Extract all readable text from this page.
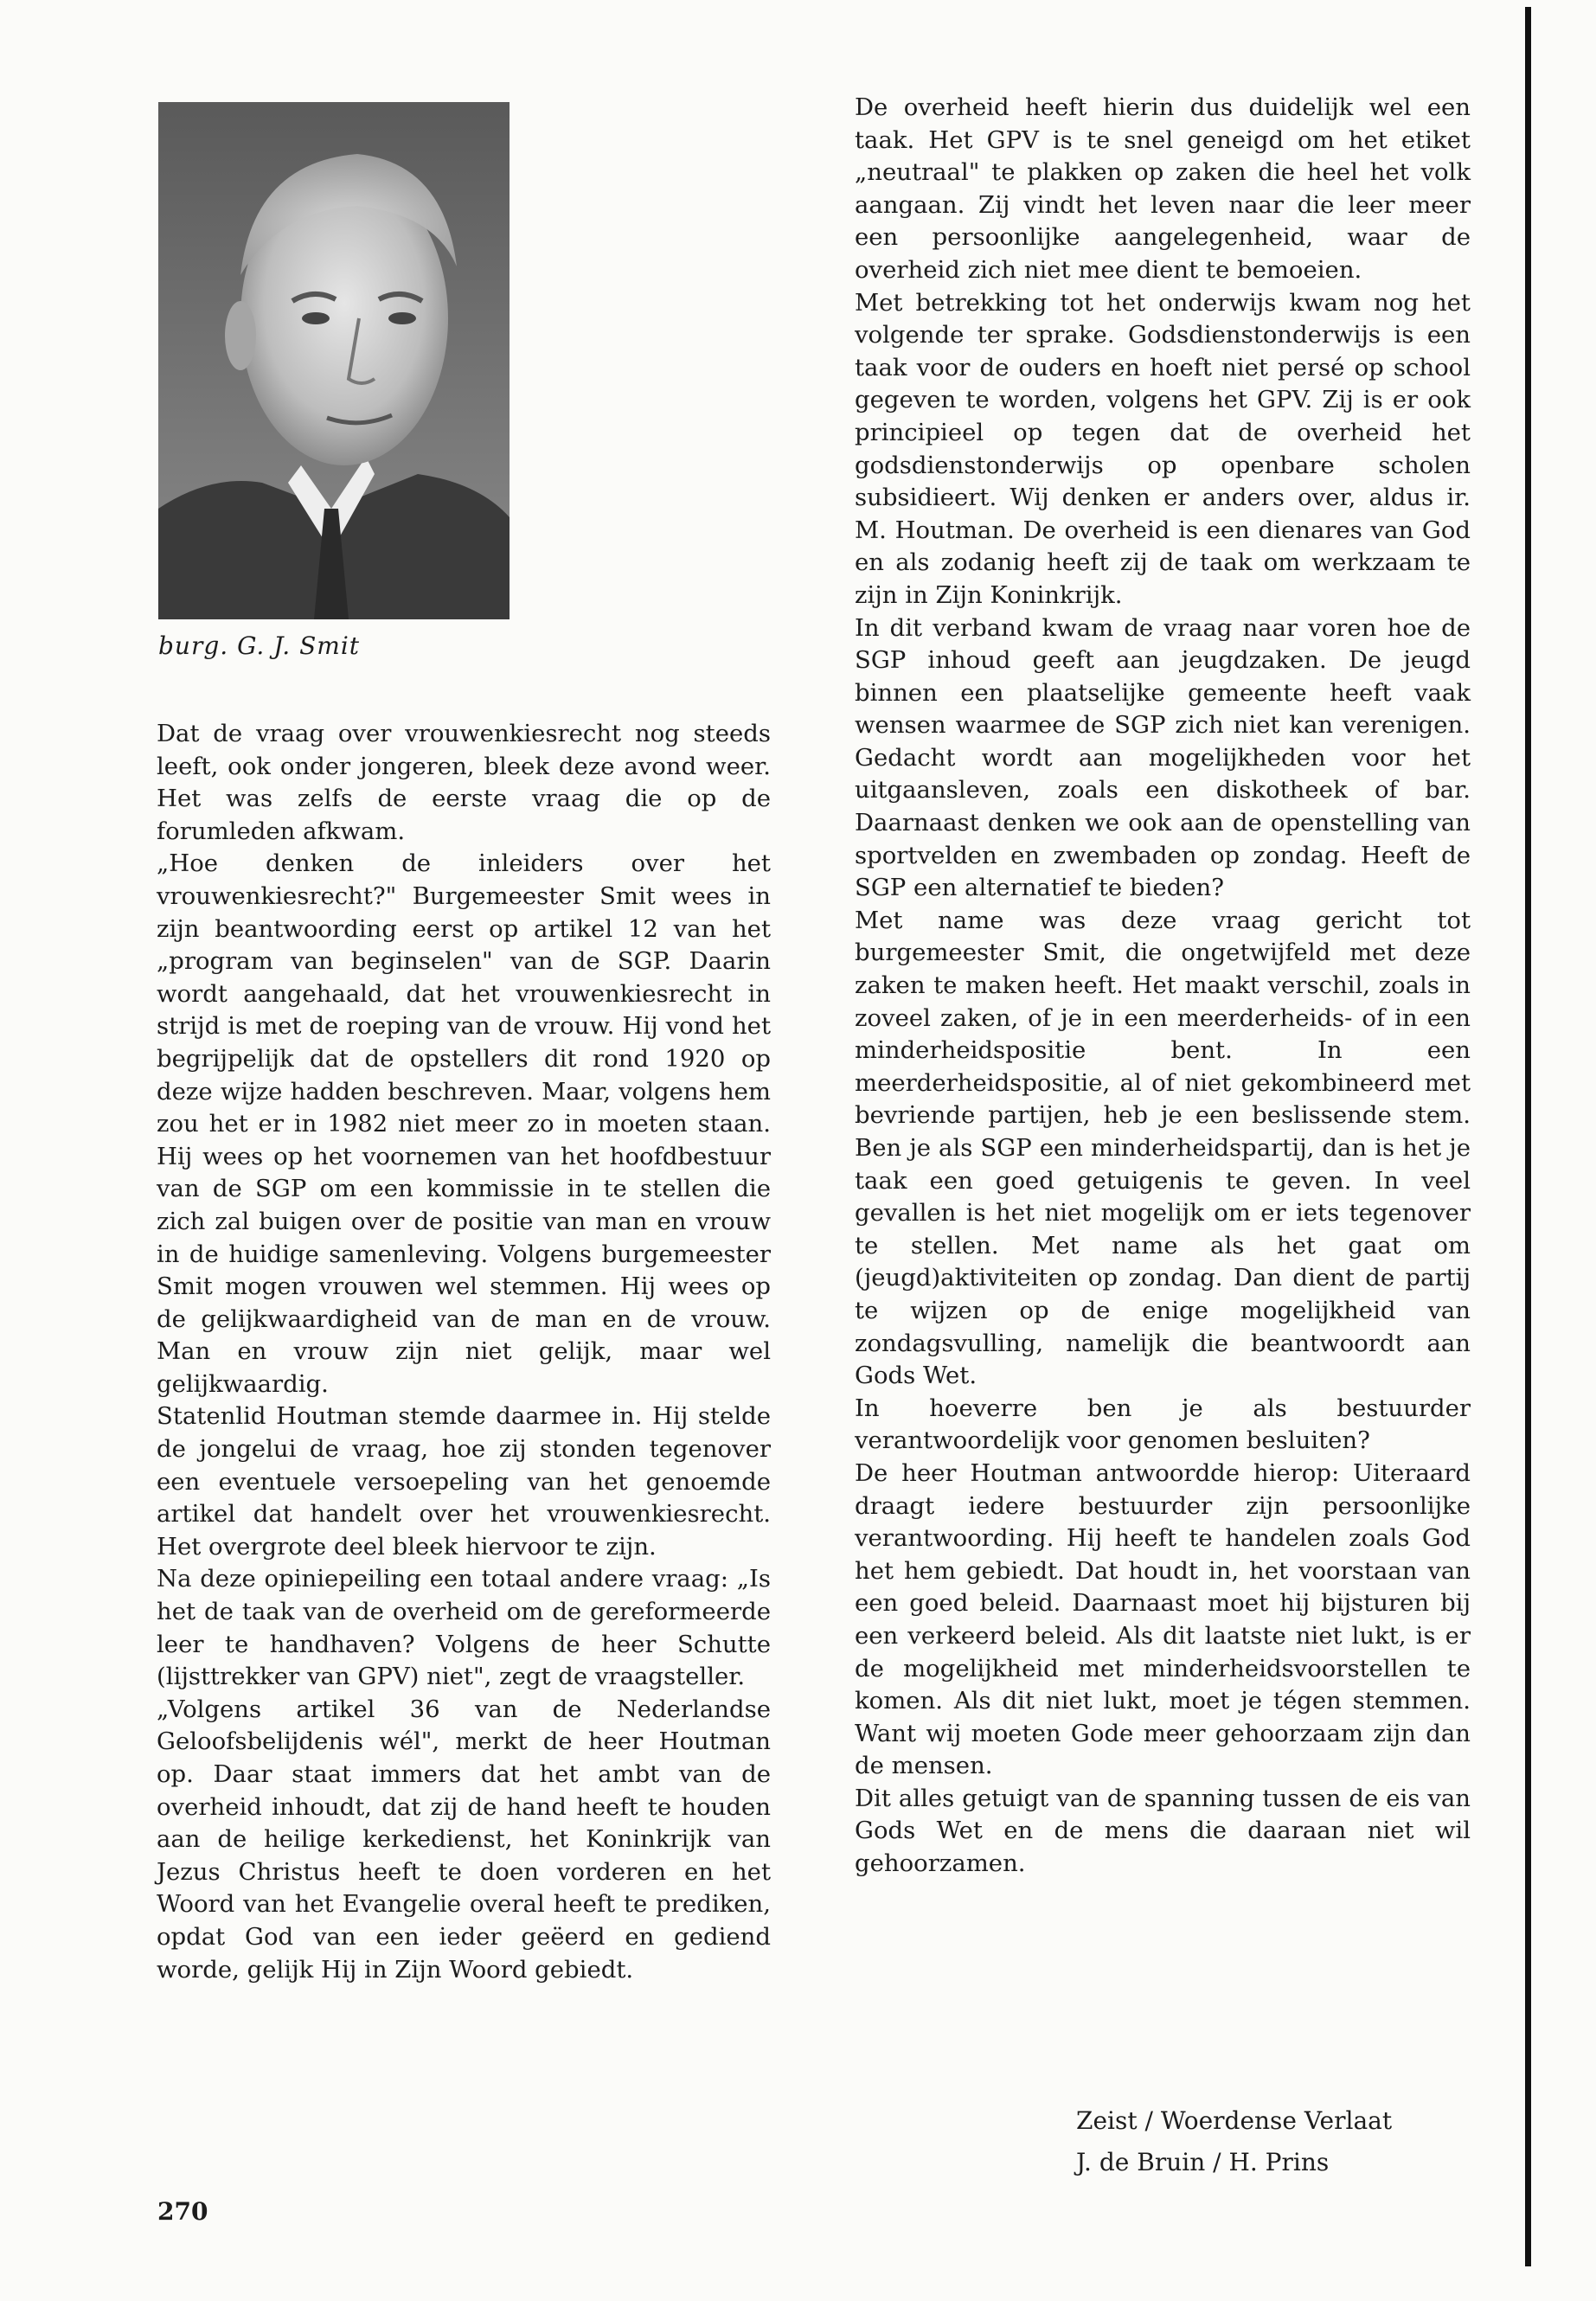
burg. G. J. Smit

Dat de vraag over vrouwenkiesrecht nog steeds leeft, ook onder jongeren, bleek deze avond weer. Het was zelfs de eerste vraag die op de forumleden afkwam.

„Hoe denken de inleiders over het vrouwenkiesrecht?" Burgemeester Smit wees in zijn beantwoording eerst op artikel 12 van het „program van beginselen" van de SGP. Daarin wordt aangehaald, dat het vrouwenkiesrecht in strijd is met de roeping van de vrouw. Hij vond het begrijpelijk dat de opstellers dit rond 1920 op deze wijze hadden beschreven. Maar, volgens hem zou het er in 1982 niet meer zo in moeten staan. Hij wees op het voornemen van het hoofdbestuur van de SGP om een kommissie in te stellen die zich zal buigen over de positie van man en vrouw in de huidige samenleving. Volgens burgemeester Smit mogen vrouwen wel stemmen. Hij wees op de gelijkwaardigheid van de man en de vrouw. Man en vrouw zijn niet gelijk, maar wel gelijkwaardig.

Statenlid Houtman stemde daarmee in. Hij stelde de jongelui de vraag, hoe zij stonden tegenover een eventuele versoepeling van het genoemde artikel dat handelt over het vrouwenkiesrecht. Het overgrote deel bleek hiervoor te zijn.

Na deze opiniepeiling een totaal andere vraag: „Is het de taak van de overheid om de gereformeerde leer te handhaven? Volgens de heer Schutte (lijsttrekker van GPV) niet", zegt de vraagsteller.

„Volgens artikel 36 van de Nederlandse Geloofsbelijdenis wél", merkt de heer Houtman op. Daar staat immers dat het ambt van de overheid inhoudt, dat zij de hand heeft te houden aan de heilige kerkedienst, het Koninkrijk van Jezus Christus heeft te doen vorderen en het Woord van het Evangelie overal heeft te prediken, opdat God van een ieder geëerd en gediend worde, gelijk Hij in Zijn Woord gebiedt.

De overheid heeft hierin dus duidelijk wel een taak. Het GPV is te snel geneigd om het etiket „neutraal" te plakken op zaken die heel het volk aangaan. Zij vindt het leven naar die leer meer een persoonlijke aangelegenheid, waar de overheid zich niet mee dient te bemoeien.

Met betrekking tot het onderwijs kwam nog het volgende ter sprake. Godsdienstonderwijs is een taak voor de ouders en hoeft niet persé op school gegeven te worden, volgens het GPV. Zij is er ook principieel op tegen dat de overheid het godsdienstonderwijs op openbare scholen subsidieert. Wij denken er anders over, aldus ir. M. Houtman. De overheid is een dienares van God en als zodanig heeft zij de taak om werkzaam te zijn in Zijn Koninkrijk.

In dit verband kwam de vraag naar voren hoe de SGP inhoud geeft aan jeugdzaken. De jeugd binnen een plaatselijke gemeente heeft vaak wensen waarmee de SGP zich niet kan verenigen. Gedacht wordt aan mogelijkheden voor het uitgaansleven, zoals een diskotheek of bar. Daarnaast denken we ook aan de openstelling van sportvelden en zwembaden op zondag. Heeft de SGP een alternatief te bieden?

Met name was deze vraag gericht tot burgemeester Smit, die ongetwijfeld met deze zaken te maken heeft. Het maakt verschil, zoals in zoveel zaken, of je in een meerderheids- of in een minderheidspositie bent. In een meerderheidspositie, al of niet gekombineerd met bevriende partijen, heb je een beslissende stem. Ben je als SGP een minderheidspartij, dan is het je taak een goed getuigenis te geven. In veel gevallen is het niet mogelijk om er iets tegenover te stellen. Met name als het gaat om (jeugd)aktiviteiten op zondag. Dan dient de partij te wijzen op de enige mogelijkheid van zondagsvulling, namelijk die beantwoordt aan Gods Wet.

In hoeverre ben je als bestuurder verantwoordelijk voor genomen besluiten?

De heer Houtman antwoordde hierop: Uiteraard draagt iedere bestuurder zijn persoonlijke verantwoording. Hij heeft te handelen zoals God het hem gebiedt. Dat houdt in, het voorstaan van een goed beleid. Daarnaast moet hij bijsturen bij een verkeerd beleid. Als dit laatste niet lukt, is er de mogelijkheid met minderheidsvoorstellen te komen. Als dit niet lukt, moet je tégen stemmen. Want wij moeten Gode meer gehoorzaam zijn dan de mensen.

Dit alles getuigt van de spanning tussen de eis van Gods Wet en de mens die daaraan niet wil gehoorzamen.

Zeist / Woerdense Verlaat
J. de Bruin / H. Prins
270
